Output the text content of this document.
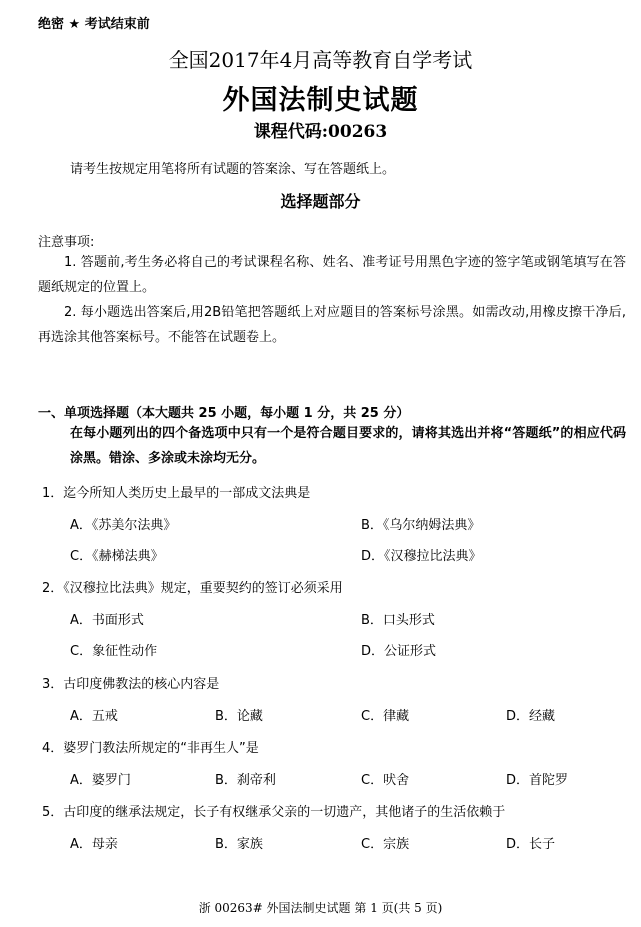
绝密 ★ 考试结束前
全国2017年4月高等教育自学考试
外国法制史试题
课程代码:00263
请考生按规定用笔将所有试题的答案涂、写在答题纸上。
选择题部分
注意事项:
1. 答题前,考生务必将自己的考试课程名称、姓名、准考证号用黑色字迹的签字笔或钢笔填写在答题纸规定的位置上。
2. 每小题选出答案后,用2B铅笔把答题纸上对应题目的答案标号涂黑。如需改动,用橡皮擦干净后,再选涂其他答案标号。不能答在试题卷上。
一、单项选择题（本大题共 25 小题，每小题 1 分，共 25 分）
在每小题列出的四个备选项中只有一个是符合题目要求的，请将其选出并将“答题纸”的相应代码涂黑。错涂、多涂或未涂均无分。
1．迄今所知人类历史上最早的一部成文法典是
A．《苏美尔法典》	B．《乌尔纳姆法典》
C．《赫梯法典》	D．《汉穆拉比法典》
2．《汉穆拉比法典》规定，重要契约的签订必须采用
A．书面形式	B．口头形式
C．象征性动作	D．公证形式
3．古印度佛教法的核心内容是
A．五戒	B．论藏	C．律藏	D．经藏
4．婆罗门教法所规定的“非再生人”是
A．婆罗门	B．刹帝利	C．吠舍	D．首陀罗
5．古印度的继承法规定，长子有权继承父亲的一切遗产，其他诸子的生活依赖于
A．母亲	B．家族	C．宗族	D．长子
浙 00263# 外国法制史试题 第 1 页(共 5 页)
